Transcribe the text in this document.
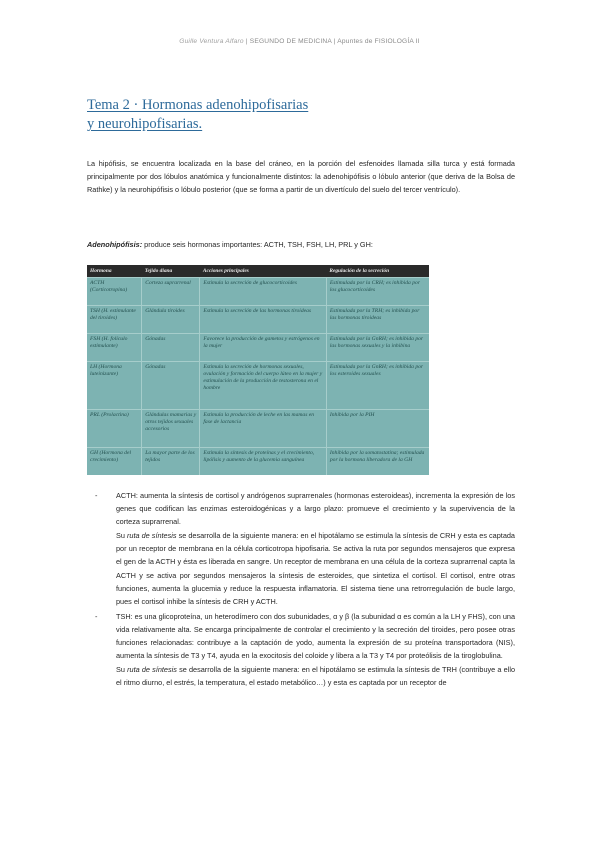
Guille Ventura Alfaro | SEGUNDO DE MEDICINA | Apuntes de FISIOLOGÍA II
Tema 2 · Hormonas adenohipofisarias
y neurohipofisarias.

La hipófisis, se encuentra localizada en la base del cráneo, en la porción del esfenoides llamada silla turca y está formada principalmente por dos lóbulos anatómica y funcionalmente distintos: la adenohipófisis o lóbulo anterior (que deriva de la Bolsa de Rathke) y la neurohipófisis o lóbulo posterior (que se forma a partir de un divertículo del suelo del tercer ventrículo).

Adenohipófisis: produce seis hormonas importantes: ACTH, TSH, FSH, LH, PRL y GH:

Hormona	Tejido diana	Acciones principales	Regulación de la secreción
ACTH (Corticotropina)	Corteza suprarrenal	Estimula la secreción de glucocorticoides	Estimulada por la CRH; es inhibida por los glucocorticoides
TSH (H. estimulante del tiroides)	Glándula tiroides	Estimula la secreción de las hormonas tiroideas	Estimulada por la TRH; es inhibida por las hormonas tiroideas
FSH (H. folículo estimulante)	Gónadas	Favorece la producción de gametos y estrógenos en la mujer	Estimulada por la GnRH; es inhibida por las hormonas sexuales y la inhibina
LH (Hormona luteinizante)	Gónadas	Estimula la secreción de hormonas sexuales, ovulación y formación del cuerpo lúteo en la mujer y estimulación de la producción de testosterona en el hombre	Estimulada por la GnRH; es inhibida por los esteroides sexuales
PRL (Prolactina)	Glándulas mamarias y otros tejidos sexuales accesorios	Estimula la producción de leche en las mamas en fase de lactancia	Inhibida por la PIH
GH (Hormona del crecimiento)	La mayor parte de los tejidos	Estimula la síntesis de proteínas y el crecimiento, lipólisis y aumento de la glucemia sanguínea	Inhibida por la somatostatina; estimulada por la hormona liberadora de la GH
-	ACTH: aumenta la síntesis de cortisol y andrógenos suprarrenales (hormonas esteroideas), incrementa la expresión de los genes que codifican las enzimas esteroidogénicas y a largo plazo: promueve el crecimiento y la supervivencia de la corteza suprarrenal.

Su ruta de síntesis se desarrolla de la siguiente manera: en el hipotálamo se estimula la síntesis de CRH y esta es captada por un receptor de membrana en la célula corticotropa hipofisaria. Se activa la ruta por segundos mensajeros que expresa el gen de la ACTH y ésta es liberada en sangre. Un receptor de membrana en una célula de la corteza suprarrenal capta la ACTH y se activa por segundos mensajeros la síntesis de esteroides, que sintetiza el cortisol. El cortisol, entre otras funciones, aumenta la glucemia y reduce la respuesta inflamatoria. El sistema tiene una retrorregulación de bucle largo, pues el cortisol inhibe la síntesis de CRH y ACTH.

-	TSH: es una glicoproteína, un heterodímero con dos subunidades, α y β (la subunidad α es común a la LH y FHS), con una vida relativamente alta. Se encarga principalmente de controlar el crecimiento y la secreción del tiroides, pero posee otras funciones relacionadas: contribuye a la captación de yodo, aumenta la expresión de su proteína transportadora (NIS), aumenta la síntesis de T3 y T4, ayuda en la exocitosis del coloide y libera a la T3 y T4 por proteólisis de la tiroglobulina.

Su ruta de síntesis se desarrolla de la siguiente manera: en el hipotálamo se estimula la síntesis de TRH (contribuye a ello el ritmo diurno, el estrés, la temperatura, el estado metabólico…) y esta es captada por un receptor de
